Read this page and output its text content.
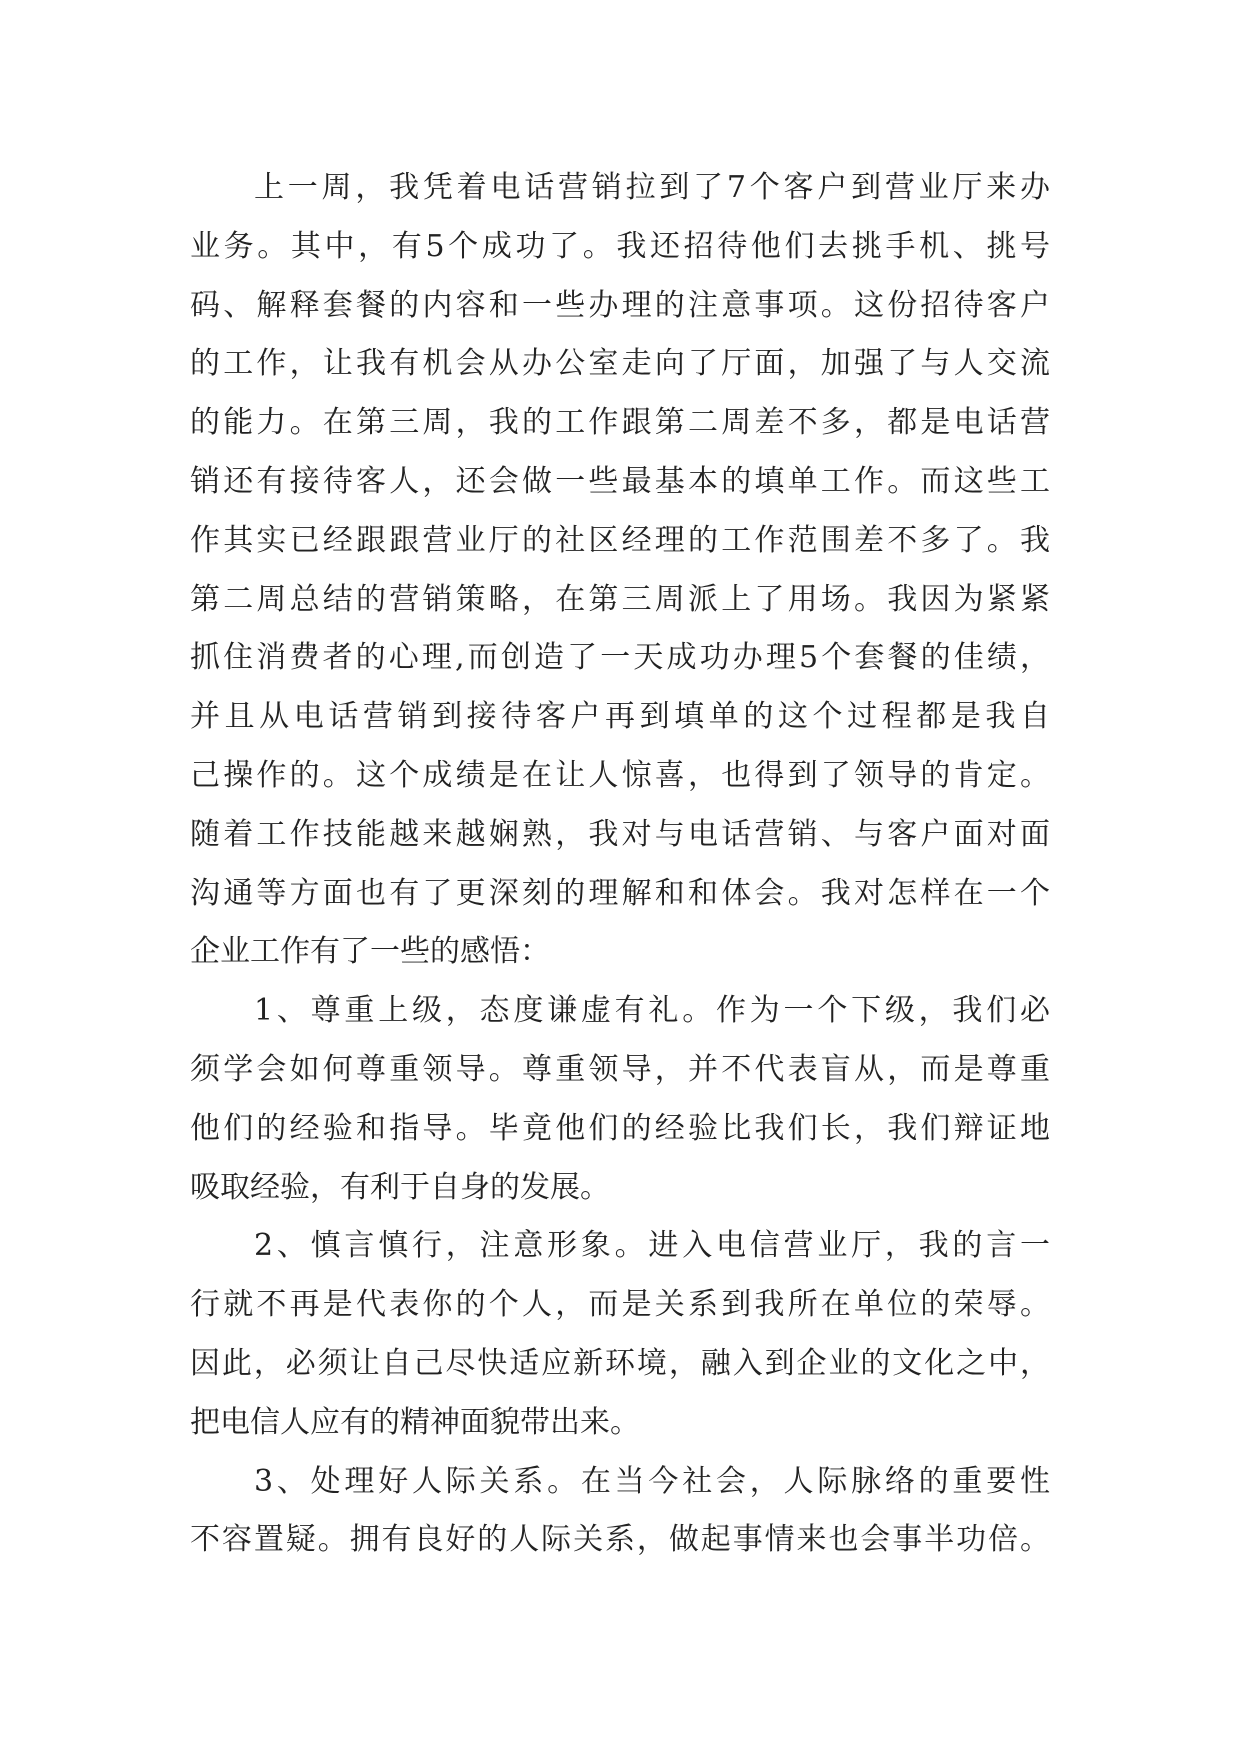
上一周，我凭着电话营销拉到了7个客户到营业厅来办
业务。其中，有5个成功了。我还招待他们去挑手机、挑号
码、解释套餐的内容和一些办理的注意事项。这份招待客户
的工作，让我有机会从办公室走向了厅面，加强了与人交流
的能力。在第三周，我的工作跟第二周差不多，都是电话营
销还有接待客人，还会做一些最基本的填单工作。而这些工
作其实已经跟跟营业厅的社区经理的工作范围差不多了。我
第二周总结的营销策略，在第三周派上了用场。我因为紧紧
抓住消费者的心理,而创造了一天成功办理5个套餐的佳绩，
并且从电话营销到接待客户再到填单的这个过程都是我自
己操作的。这个成绩是在让人惊喜，也得到了领导的肯定。
随着工作技能越来越娴熟，我对与电话营销、与客户面对面
沟通等方面也有了更深刻的理解和和体会。我对怎样在一个
企业工作有了一些的感悟：
1、尊重上级，态度谦虚有礼。作为一个下级，我们必
须学会如何尊重领导。尊重领导，并不代表盲从，而是尊重
他们的经验和指导。毕竟他们的经验比我们长，我们辩证地
吸取经验，有利于自身的发展。
2、慎言慎行，注意形象。进入电信营业厅，我的言一
行就不再是代表你的个人，而是关系到我所在单位的荣辱。
因此，必须让自己尽快适应新环境，融入到企业的文化之中，
把电信人应有的精神面貌带出来。
3、处理好人际关系。在当今社会，人际脉络的重要性
不容置疑。拥有良好的人际关系，做起事情来也会事半功倍。
